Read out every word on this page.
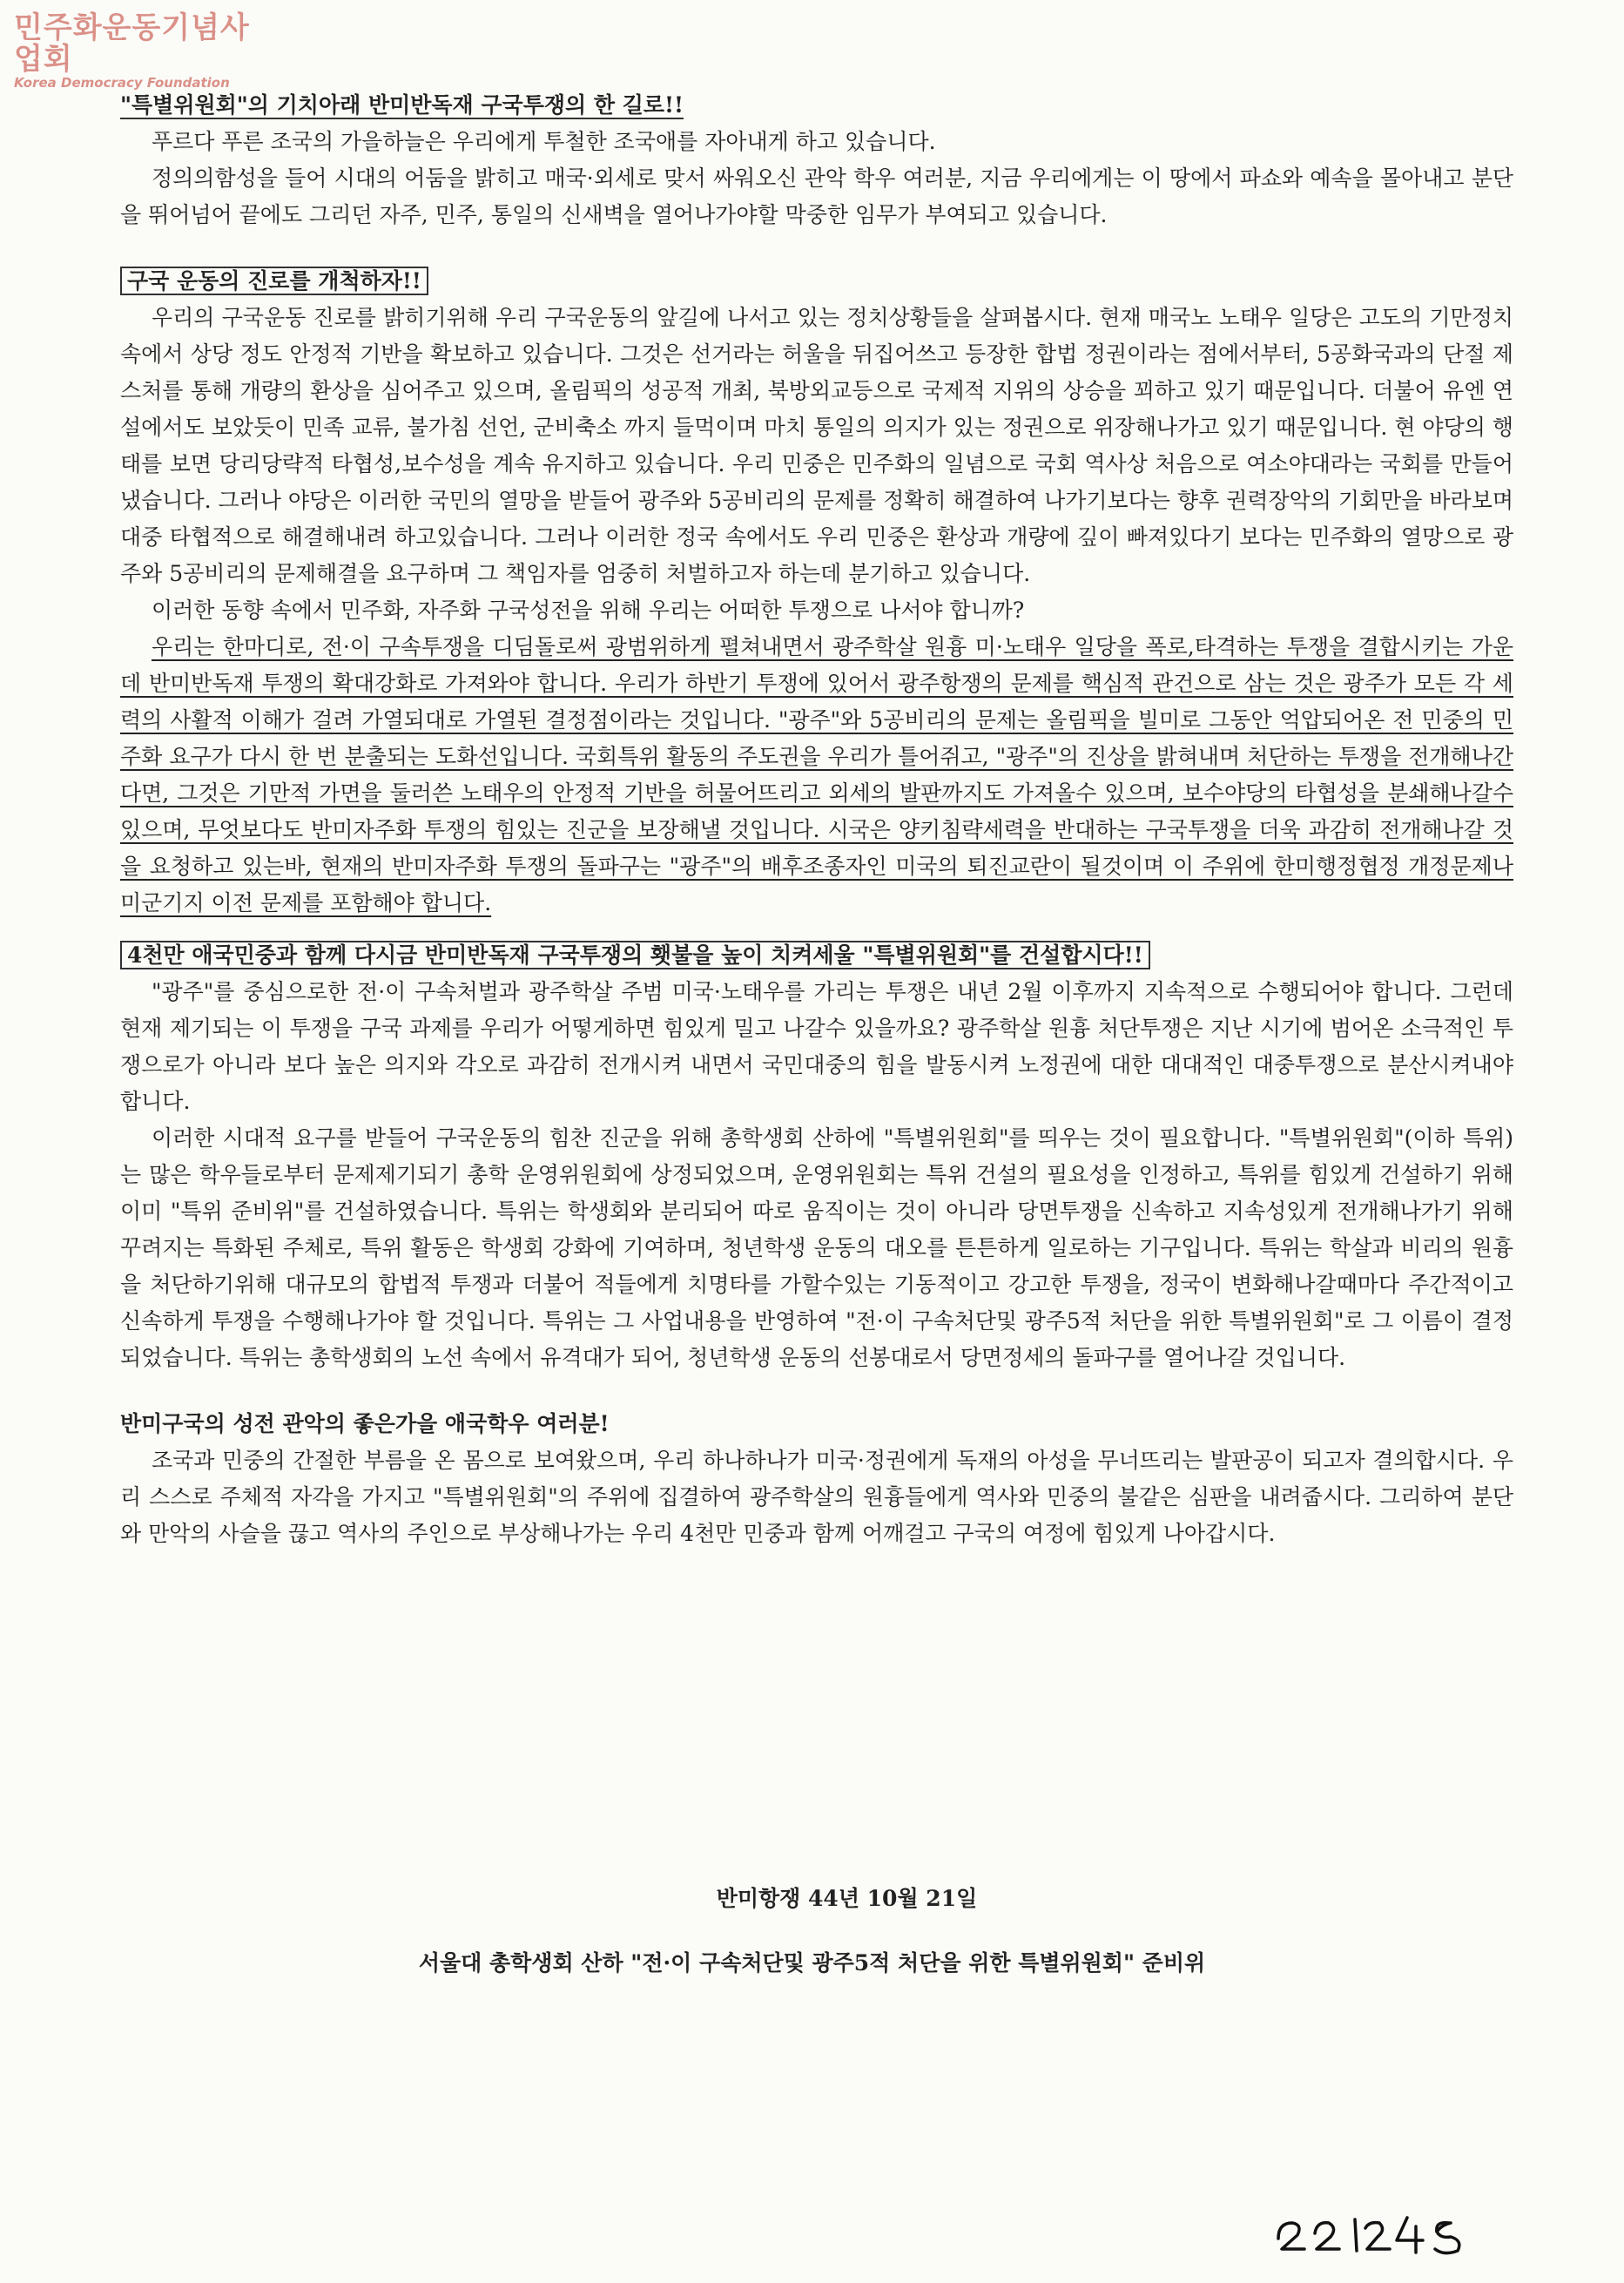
민주화운동기념사업회
Korea Democracy Foundation
"특별위원회"의 기치아래 반미반독재 구국투쟁의 한 길로!!

푸르다 푸른 조국의 가을하늘은 우리에게 투철한 조국애를 자아내게 하고 있습니다.

정의의함성을 들어 시대의 어둠을 밝히고 매국·외세로 맞서 싸워오신 관악 학우 여러분, 지금 우리에게는 이 땅에서 파쇼와 예속을 몰아내고 분단을 뛰어넘어 끝에도 그리던 자주, 민주, 통일의 신새벽을 열어나가야할 막중한 임무가 부여되고 있습니다.

구국 운동의 진로를 개척하자!!

우리의 구국운동 진로를 밝히기위해 우리 구국운동의 앞길에 나서고 있는 정치상황들을 살펴봅시다. 현재 매국노 노태우 일당은 고도의 기만정치 속에서 상당 정도 안정적 기반을 확보하고 있습니다. 그것은 선거라는 허울을 뒤집어쓰고 등장한 합법 정권이라는 점에서부터, 5공화국과의 단절 제스처를 통해 개량의 환상을 심어주고 있으며, 올림픽의 성공적 개최, 북방외교등으로 국제적 지위의 상승을 꾀하고 있기 때문입니다. 더불어 유엔 연설에서도 보았듯이 민족 교류, 불가침 선언, 군비축소 까지 들먹이며 마치 통일의 의지가 있는 정권으로 위장해나가고 있기 때문입니다. 현 야당의 행태를 보면 당리당략적 타협성,보수성을 계속 유지하고 있습니다. 우리 민중은 민주화의 일념으로 국회 역사상 처음으로 여소야대라는 국회를 만들어 냈습니다. 그러나 야당은 이러한 국민의 열망을 받들어 광주와 5공비리의 문제를 정확히 해결하여 나가기보다는 향후 권력장악의 기회만을 바라보며 대중 타협적으로 해결해내려 하고있습니다. 그러나 이러한 정국 속에서도 우리 민중은 환상과 개량에 깊이 빠져있다기 보다는 민주화의 열망으로 광주와 5공비리의 문제해결을 요구하며 그 책임자를 엄중히 처벌하고자 하는데 분기하고 있습니다.

이러한 동향 속에서 민주화, 자주화 구국성전을 위해 우리는 어떠한 투쟁으로 나서야 합니까?

우리는 한마디로, 전·이 구속투쟁을 디딤돌로써 광범위하게 펼쳐내면서 광주학살 원흉 미·노태우 일당을 폭로,타격하는 투쟁을 결합시키는 가운데 반미반독재 투쟁의 확대강화로 가져와야 합니다. 우리가 하반기 투쟁에 있어서 광주항쟁의 문제를 핵심적 관건으로 삼는 것은 광주가 모든 각 세력의 사활적 이해가 걸려 가열되대로 가열된 결정점이라는 것입니다. "광주"와 5공비리의 문제는 올림픽을 빌미로 그동안 억압되어온 전 민중의 민주화 요구가 다시 한 번 분출되는 도화선입니다. 국회특위 활동의 주도권을 우리가 틀어쥐고, "광주"의 진상을 밝혀내며 처단하는 투쟁을 전개해나간다면, 그것은 기만적 가면을 둘러쓴 노태우의 안정적 기반을 허물어뜨리고 외세의 발판까지도 가져올수 있으며, 보수야당의 타협성을 분쇄해나갈수 있으며, 무엇보다도 반미자주화 투쟁의 힘있는 진군을 보장해낼 것입니다. 시국은 양키침략세력을 반대하는 구국투쟁을 더욱 과감히 전개해나갈 것을 요청하고 있는바, 현재의 반미자주화 투쟁의 돌파구는 "광주"의 배후조종자인 미국의 퇴진교란이 될것이며 이 주위에 한미행정협정 개정문제나 미군기지 이전 문제를 포함해야 합니다.

4천만 애국민중과 함께 다시금 반미반독재 구국투쟁의 횃불을 높이 치켜세울 "특별위원회"를 건설합시다!!

"광주"를 중심으로한 전·이 구속처벌과 광주학살 주범 미국·노태우를 가리는 투쟁은 내년 2월 이후까지 지속적으로 수행되어야 합니다. 그런데 현재 제기되는 이 투쟁을 구국 과제를 우리가 어떻게하면 힘있게 밀고 나갈수 있을까요? 광주학살 원흉 처단투쟁은 지난 시기에 범어온 소극적인 투쟁으로가 아니라 보다 높은 의지와 각오로 과감히 전개시켜 내면서 국민대중의 힘을 발동시켜 노정권에 대한 대대적인 대중투쟁으로 분산시켜내야 합니다.

이러한 시대적 요구를 받들어 구국운동의 힘찬 진군을 위해 총학생회 산하에 "특별위원회"를 띄우는 것이 필요합니다. "특별위원회"(이하 특위)는 많은 학우들로부터 문제제기되기 총학 운영위원회에 상정되었으며, 운영위원회는 특위 건설의 필요성을 인정하고, 특위를 힘있게 건설하기 위해 이미 "특위 준비위"를 건설하였습니다. 특위는 학생회와 분리되어 따로 움직이는 것이 아니라 당면투쟁을 신속하고 지속성있게 전개해나가기 위해 꾸려지는 특화된 주체로, 특위 활동은 학생회 강화에 기여하며, 청년학생 운동의 대오를 튼튼하게 일로하는 기구입니다. 특위는 학살과 비리의 원흉을 처단하기위해 대규모의 합법적 투쟁과 더불어 적들에게 치명타를 가할수있는 기동적이고 강고한 투쟁을, 정국이 변화해나갈때마다 주간적이고 신속하게 투쟁을 수행해나가야 할 것입니다. 특위는 그 사업내용을 반영하여 "전·이 구속처단및 광주5적 처단을 위한 특별위원회"로 그 이름이 결정되었습니다. 특위는 총학생회의 노선 속에서 유격대가 되어, 청년학생 운동의 선봉대로서 당면정세의 돌파구를 열어나갈 것입니다.

반미구국의 성전 관악의 좋은가을 애국학우 여러분!

조국과 민중의 간절한 부름을 온 몸으로 보여왔으며, 우리 하나하나가 미국·정권에게 독재의 아성을 무너뜨리는 발판공이 되고자 결의합시다. 우리 스스로 주체적 자각을 가지고 "특별위원회"의 주위에 집결하여 광주학살의 원흉들에게 역사와 민중의 불같은 심판을 내려줍시다. 그리하여 분단와 만악의 사슬을 끊고 역사의 주인으로 부상해나가는 우리 4천만 민중과 함께 어깨걸고 구국의 여정에 힘있게 나아갑시다.

반미항쟁 44년 10월 21일
서울대 총학생회 산하 "전·이 구속처단및 광주5적 처단을 위한 특별위원회" 준비위
